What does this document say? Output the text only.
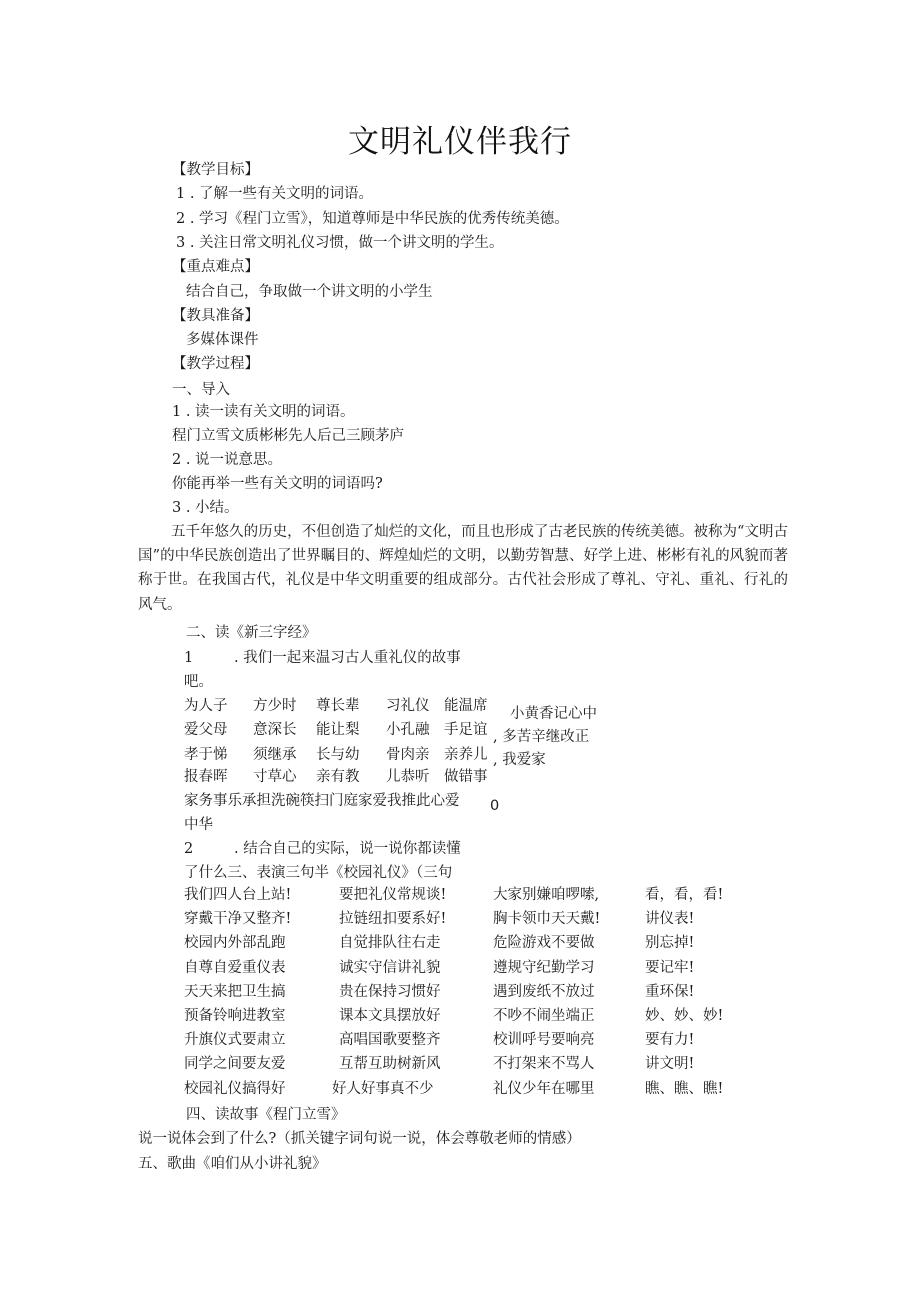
文明礼仪伴我行
【教学目标】
1 . 了解一些有关文明的词语。
2 . 学习《程门立雪》，知道尊师是中华民族的优秀传统美德。
3 . 关注日常文明礼仪习惯，做一个讲文明的学生。
【重点难点】
结合自己，争取做一个讲文明的小学生
【教具准备】
多媒体课件
【教学过程】
一、导入
1 . 读一读有关文明的词语。
程门立雪文质彬彬先人后己三顾茅庐
2 . 说一说意思。
你能再举一些有关文明的词语吗?
3 . 小结。
五千年悠久的历史，不但创造了灿烂的文化，而且也形成了古老民族的传统美德。被称为“文明古国”的中华民族创造出了世界瞩目的、辉煌灿烂的文明，以勤劳智慧、好学上进、彬彬有礼的风貌而著称于世。在我国古代，礼仪是中华文明重要的组成部分。古代社会形成了尊礼、守礼、重礼、行礼的风气。
二、读《新三字经》
1	. 我们一起来温习古人重礼仪的故事
吧。
为人子 方少时 尊长辈 习礼仪 能温席
爱父母 意深长 能让梨 小孔融 手足谊
孝于悌 须继承 长与幼 骨肉亲 亲养儿
报春晖 寸草心 亲有教 儿恭听 做错事
小黄香记心中
, 多苦辛继改正
, 我爱家
家务事乐承担洗碗筷扫门庭家爱我推此心爱 0
中华
2	. 结合自己的实际，说一说你都读懂
了什么三、表演三句半《校园礼仪》（三句
我们四人台上站!	要把礼仪常规谈!	大家别嫌咱啰嗦,	看，看，看!
穿戴干净又整齐!	拉链纽扣要系好!	胸卡领巾天天戴!	讲仪表!
校园内外部乱跑	自觉排队往右走	危险游戏不要做	别忘掉!
自尊自爱重仪表	诚实守信讲礼貌	遵规守纪勤学习	要记牢!
天天来把卫生搞	贵在保持习惯好	遇到废纸不放过	重环保!
预备铃响进教室	课本文具摆放好	不吵不闹坐端正	妙、妙、妙!
升旗仪式要肃立	高唱国歌要整齐	校训呼号要响亮	要有力!
同学之间要友爱	互帮互助树新风	不打架来不骂人	讲文明!
校园礼仪搞得好	好人好事真不少	礼仪少年在哪里	瞧、瞧、瞧!
四、读故事《程门立雪》
说一说体会到了什么?（抓关键字词句说一说，体会尊敬老师的情感）
五、歌曲《咱们从小讲礼貌》
